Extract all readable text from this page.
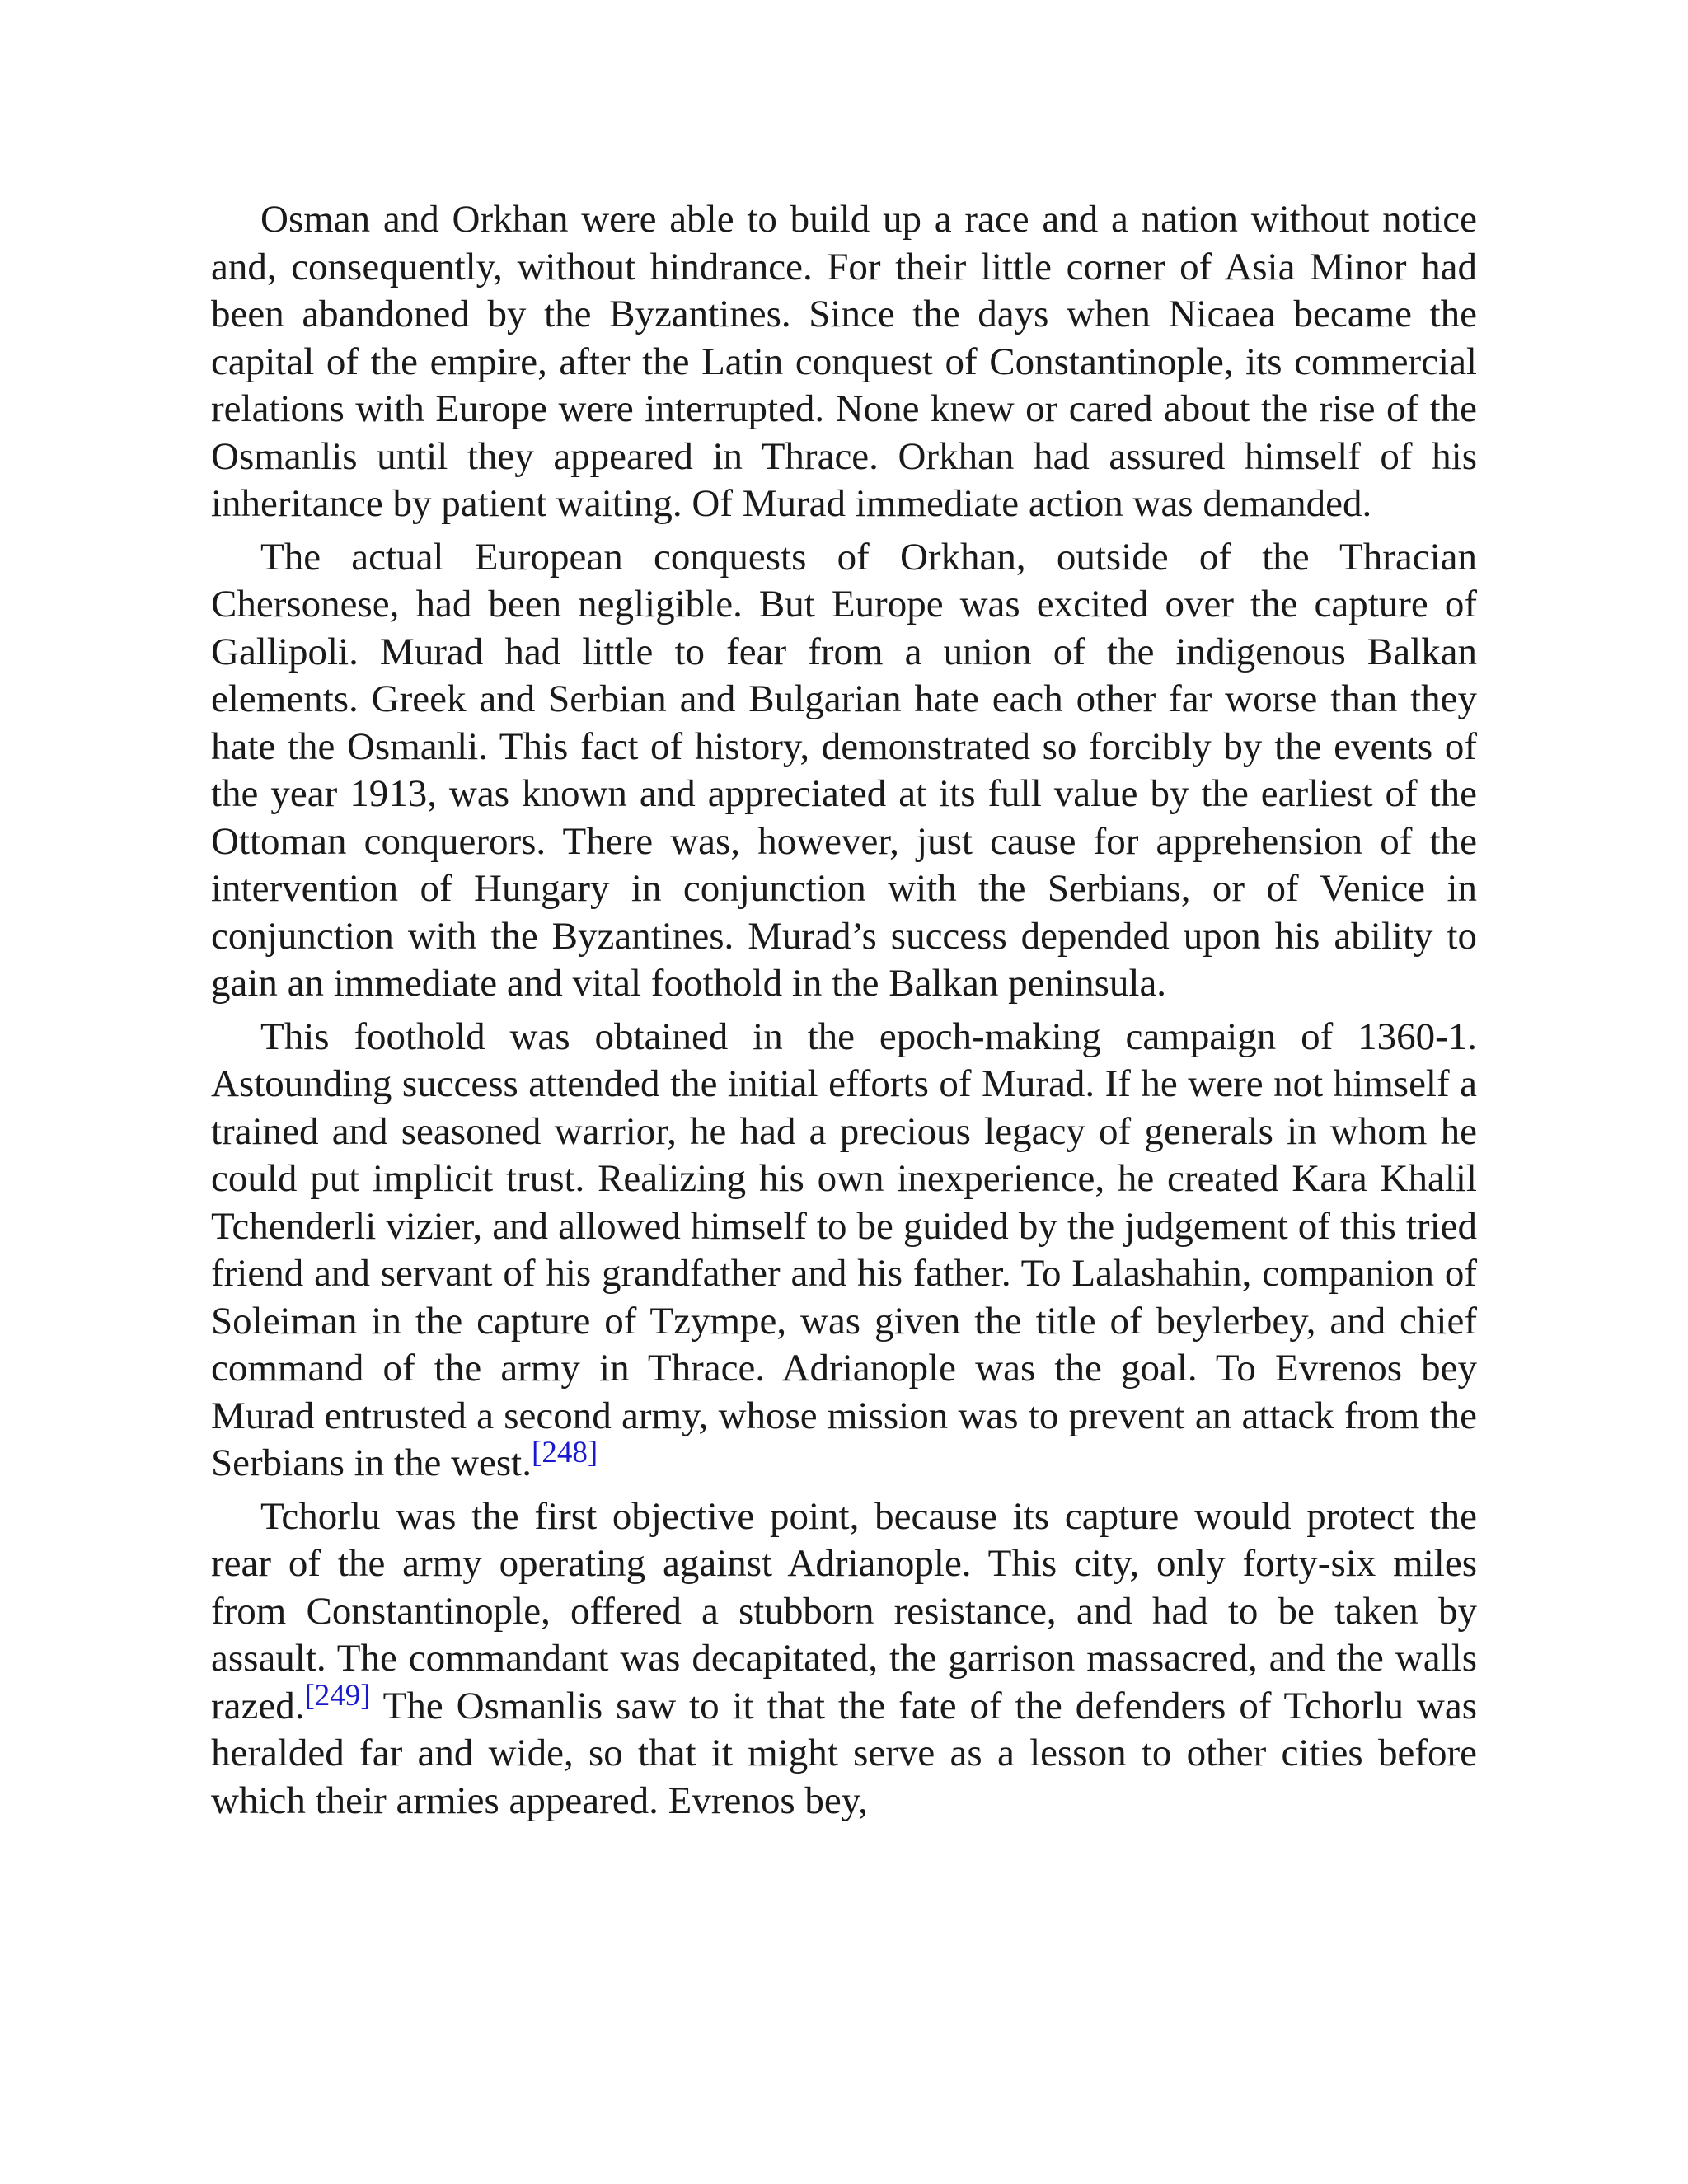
Osman and Orkhan were able to build up a race and a nation without notice and, consequently, without hindrance. For their little corner of Asia Minor had been abandoned by the Byzantines. Since the days when Nicaea became the capital of the empire, after the Latin conquest of Constantinople, its commercial relations with Europe were interrupted. None knew or cared about the rise of the Osmanlis until they appeared in Thrace. Orkhan had assured himself of his inheritance by patient waiting. Of Murad immediate action was demanded.

The actual European conquests of Orkhan, outside of the Thracian Chersonese, had been negligible. But Europe was excited over the capture of Gallipoli. Murad had little to fear from a union of the indigenous Balkan elements. Greek and Serbian and Bulgarian hate each other far worse than they hate the Osmanli. This fact of history, demonstrated so forcibly by the events of the year 1913, was known and appreciated at its full value by the earliest of the Ottoman conquerors. There was, however, just cause for apprehension of the intervention of Hungary in conjunction with the Serbians, or of Venice in conjunction with the Byzantines. Murad’s success depended upon his ability to gain an immediate and vital foothold in the Balkan peninsula.

This foothold was obtained in the epoch-making campaign of 1360-1. Astounding success attended the initial efforts of Murad. If he were not himself a trained and seasoned warrior, he had a precious legacy of generals in whom he could put implicit trust. Realizing his own inexperience, he created Kara Khalil Tchenderli vizier, and allowed himself to be guided by the judgement of this tried friend and servant of his grandfather and his father. To Lalashahin, companion of Soleiman in the capture of Tzympe, was given the title of beylerbey, and chief command of the army in Thrace. Adrianople was the goal. To Evrenos bey Murad entrusted a second army, whose mission was to prevent an attack from the Serbians in the west.[248]

Tchorlu was the first objective point, because its capture would protect the rear of the army operating against Adrianople. This city, only forty-six miles from Constantinople, offered a stubborn resistance, and had to be taken by assault. The commandant was decapitated, the garrison massacred, and the walls razed.[249] The Osmanlis saw to it that the fate of the defenders of Tchorlu was heralded far and wide, so that it might serve as a lesson to other cities before which their armies appeared. Evrenos bey,
